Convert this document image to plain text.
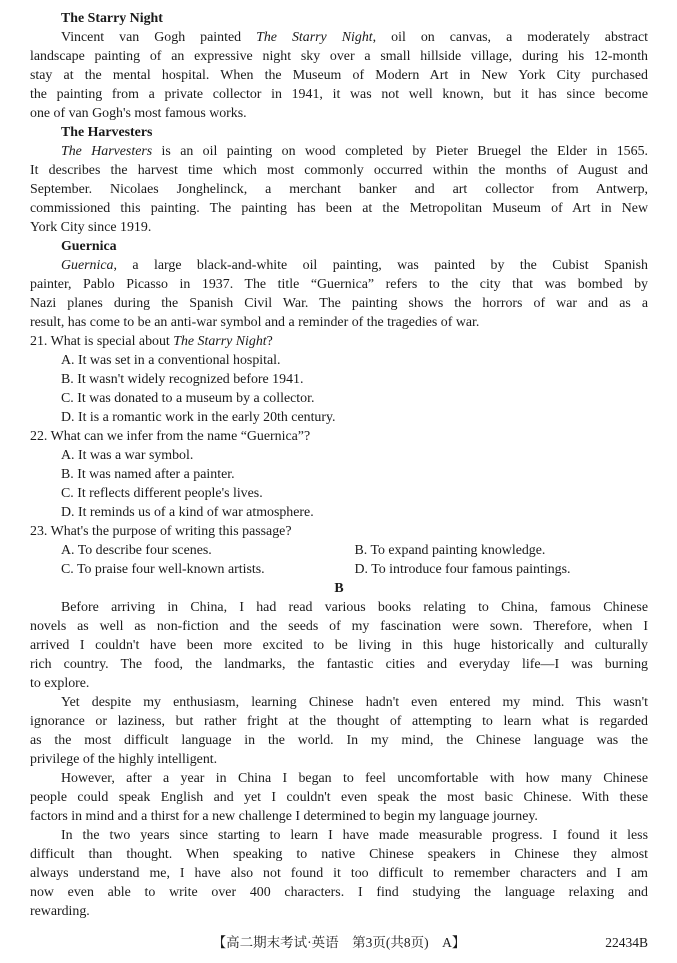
The Starry Night
Vincent van Gogh painted The Starry Night, oil on canvas, a moderately abstract
landscape painting of an expressive night sky over a small hillside village, during his 12-month
stay at the mental hospital. When the Museum of Modern Art in New York City purchased
the painting from a private collector in 1941, it was not well known, but it has since become
one of van Gogh's most famous works.
The Harvesters
The Harvesters is an oil painting on wood completed by Pieter Bruegel the Elder in 1565.
It describes the harvest time which most commonly occurred within the months of August and
September. Nicolaes Jonghelinck, a merchant banker and art collector from Antwerp,
commissioned this painting. The painting has been at the Metropolitan Museum of Art in New
York City since 1919.
Guernica
Guernica, a large black-and-white oil painting, was painted by the Cubist Spanish
painter, Pablo Picasso in 1937. The title “Guernica” refers to the city that was bombed by
Nazi planes during the Spanish Civil War. The painting shows the horrors of war and as a
result, has come to be an anti-war symbol and a reminder of the tragedies of war.
21. What is special about The Starry Night?
A. It was set in a conventional hospital.
B. It wasn't widely recognized before 1941.
C. It was donated to a museum by a collector.
D. It is a romantic work in the early 20th century.
22. What can we infer from the name “Guernica”?
A. It was a war symbol.
B. It was named after a painter.
C. It reflects different people's lives.
D. It reminds us of a kind of war atmosphere.
23. What's the purpose of writing this passage?
A. To describe four scenes.	B. To expand painting knowledge.
C. To praise four well-known artists.	D. To introduce four famous paintings.
B
Before arriving in China, I had read various books relating to China, famous Chinese
novels as well as non-fiction and the seeds of my fascination were sown. Therefore, when I
arrived I couldn't have been more excited to be living in this huge historically and culturally
rich country. The food, the landmarks, the fantastic cities and everyday life—I was burning
to explore.
Yet despite my enthusiasm, learning Chinese hadn't even entered my mind. This wasn't
ignorance or laziness, but rather fright at the thought of attempting to learn what is regarded
as the most difficult language in the world. In my mind, the Chinese language was the
privilege of the highly intelligent.
However, after a year in China I began to feel uncomfortable with how many Chinese
people could speak English and yet I couldn't even speak the most basic Chinese. With these
factors in mind and a thirst for a new challenge I determined to begin my language journey.
In the two years since starting to learn I have made measurable progress. I found it less
difficult than thought. When speaking to native Chinese speakers in Chinese they almost
always understand me, I have also not found it too difficult to remember characters and I am
now even able to write over 400 characters. I find studying the language relaxing and
rewarding.
【高二期末考试·英语　第3页(共8页)　A】	22434B
